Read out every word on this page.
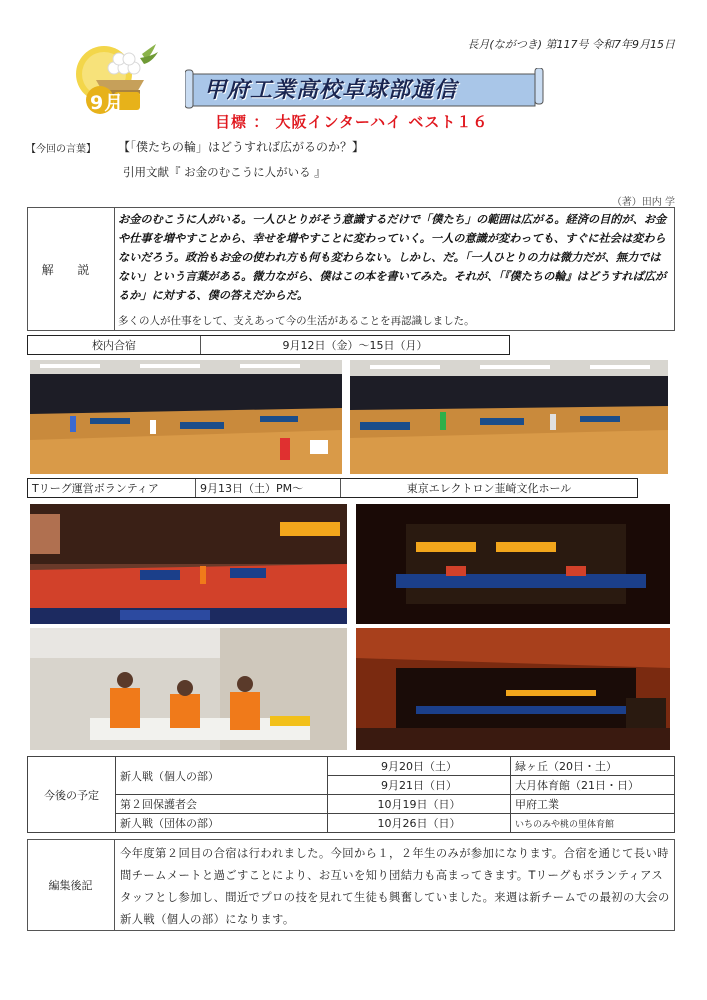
長月(ながつき) 第117号 令和7年9月15日
9月	甲府工業高校卓球部通信
目標 ： 大阪インターハイ ベスト１６
【今回の言葉】 【「僕たちの輪」はどうすれば広がるのか？】
引用文献『 お金のむこうに人がいる 』
（著）田内 学
解 説
お金のむこうに人がいる。一人ひとりがそう意識するだけで「僕たち」の範囲は広がる。経済の目的が、お金や仕事を増やすことから、幸せを増やすことに変わっていく。一人の意識が変わっても、すぐに社会は変わらないだろう。政治もお金の使われ方も何も変わらない。しかし、だ。「一人ひとりの力は微力だが、無力ではない」という言葉がある。微力ながら、僕はこの本を書いてみた。それが、「『僕たちの輪』はどうすれば広がるか」に対する、僕の答えだからだ。
多くの人が仕事をして、支えあって今の生活があることを再認識しました。
校内合宿	9月12日（金）〜15日（月）
Tリーグ運営ボランティア	9月13日（土）PM〜	東京エレクトロン韮崎文化ホール
今後の予定	新人戦（個人の部）	9月20日（土）	緑ヶ丘（20日・土）
		9月21日（日）	大月体育館（21日・日）
	第２回保護者会	10月19日（日）	甲府工業
	新人戦（団体の部）	10月26日（日）	いちのみや桃の里体育館
編集後記
今年度第２回目の合宿は行われました。今回から１，２年生のみが参加になります。合宿を通じて長い時間チームメートと過ごすことにより、お互いを知り団結力も高まってきます。Tリーグもボランティアスタッフとし参加し、間近でプロの技を見れて生徒も興奮していました。来週は新チームでの最初の大会の新人戦（個人の部）になります。
